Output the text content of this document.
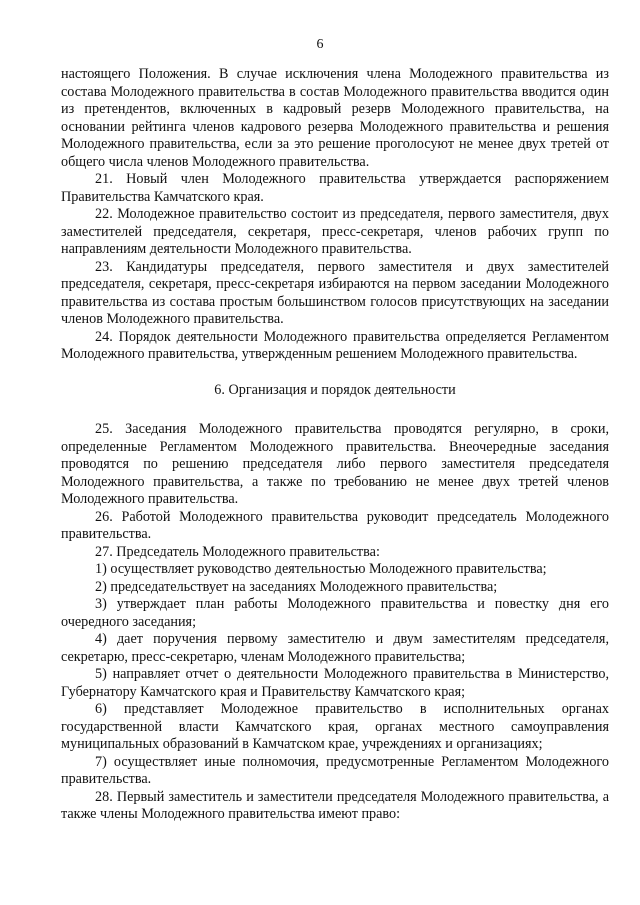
6

настоящего Положения. В случае исключения члена Молодежного правительства из состава Молодежного правительства в состав Молодежного правительства вводится один из претендентов, включенных в кадровый резерв Молодежного правительства, на основании рейтинга членов кадрового резерва Молодежного правительства и решения Молодежного правительства, если за это решение проголосуют не менее двух третей от общего числа членов Молодежного правительства.

21. Новый член Молодежного правительства утверждается распоряжением Правительства Камчатского края.

22. Молодежное правительство состоит из председателя, первого заместителя, двух заместителей председателя, секретаря, пресс-секретаря, членов рабочих групп по направлениям деятельности Молодежного правительства.

23. Кандидатуры председателя, первого заместителя и двух заместителей председателя, секретаря, пресс-секретаря избираются на первом заседании Молодежного правительства из состава простым большинством голосов присутствующих на заседании членов Молодежного правительства.

24. Порядок деятельности Молодежного правительства определяется Регламентом Молодежного правительства, утвержденным решением Молодежного правительства.

6. Организация и порядок деятельности

25. Заседания Молодежного правительства проводятся регулярно, в сроки, определенные Регламентом Молодежного правительства. Внеочередные заседания проводятся по решению председателя либо первого заместителя председателя Молодежного правительства, а также по требованию не менее двух третей членов Молодежного правительства.

26. Работой Молодежного правительства руководит председатель Молодежного правительства.

27. Председатель Молодежного правительства:

1) осуществляет руководство деятельностью Молодежного правительства;

2) председательствует на заседаниях Молодежного правительства;

3) утверждает план работы Молодежного правительства и повестку дня его очередного заседания;

4) дает поручения первому заместителю и двум заместителям председателя, секретарю, пресс-секретарю, членам Молодежного правительства;

5) направляет отчет о деятельности Молодежного правительства в Министерство, Губернатору Камчатского края и Правительству Камчатского края;

6) представляет Молодежное правительство в исполнительных органах государственной власти Камчатского края, органах местного самоуправления муниципальных образований в Камчатском крае, учреждениях и организациях;

7) осуществляет иные полномочия, предусмотренные Регламентом Молодежного правительства.

28. Первый заместитель и заместители председателя Молодежного правительства, а также члены Молодежного правительства имеют право:
